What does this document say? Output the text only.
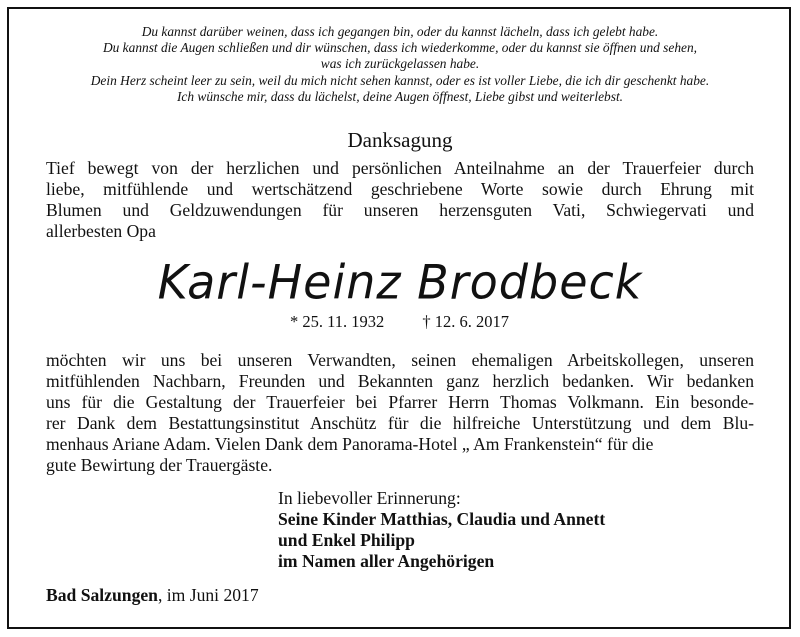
Du kannst darüber weinen, dass ich gegangen bin, oder du kannst lächeln, dass ich gelebt habe.
Du kannst die Augen schließen und dir wünschen, dass ich wiederkomme, oder du kannst sie öffnen und sehen,
was ich zurückgelassen habe.
Dein Herz scheint leer zu sein, weil du mich nicht sehen kannst, oder es ist voller Liebe, die ich dir geschenkt habe.
Ich wünsche mir, dass du lächelst, deine Augen öffnest, Liebe gibst und weiterlebst.
Danksagung
Tief bewegt von der herzlichen und persönlichen Anteilnahme an der Trauerfeier durch
liebe, mitfühlende und wertschätzend geschriebene Worte sowie durch Ehrung mit
Blumen und Geldzuwendungen für unseren herzensguten Vati, Schwiegervati und
allerbesten Opa
Karl-Heinz Brodbeck
* 25. 11. 1932 † 12. 6. 2017
möchten wir uns bei unseren Verwandten, seinen ehemaligen Arbeitskollegen, unseren
mitfühlenden Nachbarn, Freunden und Bekannten ganz herzlich bedanken. Wir bedanken
uns für die Gestaltung der Trauerfeier bei Pfarrer Herrn Thomas Volkmann. Ein besonde-
rer Dank dem Bestattungsinstitut Anschütz für die hilfreiche Unterstützung und dem Blu-
menhaus Ariane Adam. Vielen Dank dem Panorama-Hotel „ Am Frankenstein“ für die
gute Bewirtung der Trauergäste.
In liebevoller Erinnerung:
Seine Kinder Matthias, Claudia und Annett
und Enkel Philipp
im Namen aller Angehörigen
Bad Salzungen, im Juni 2017
